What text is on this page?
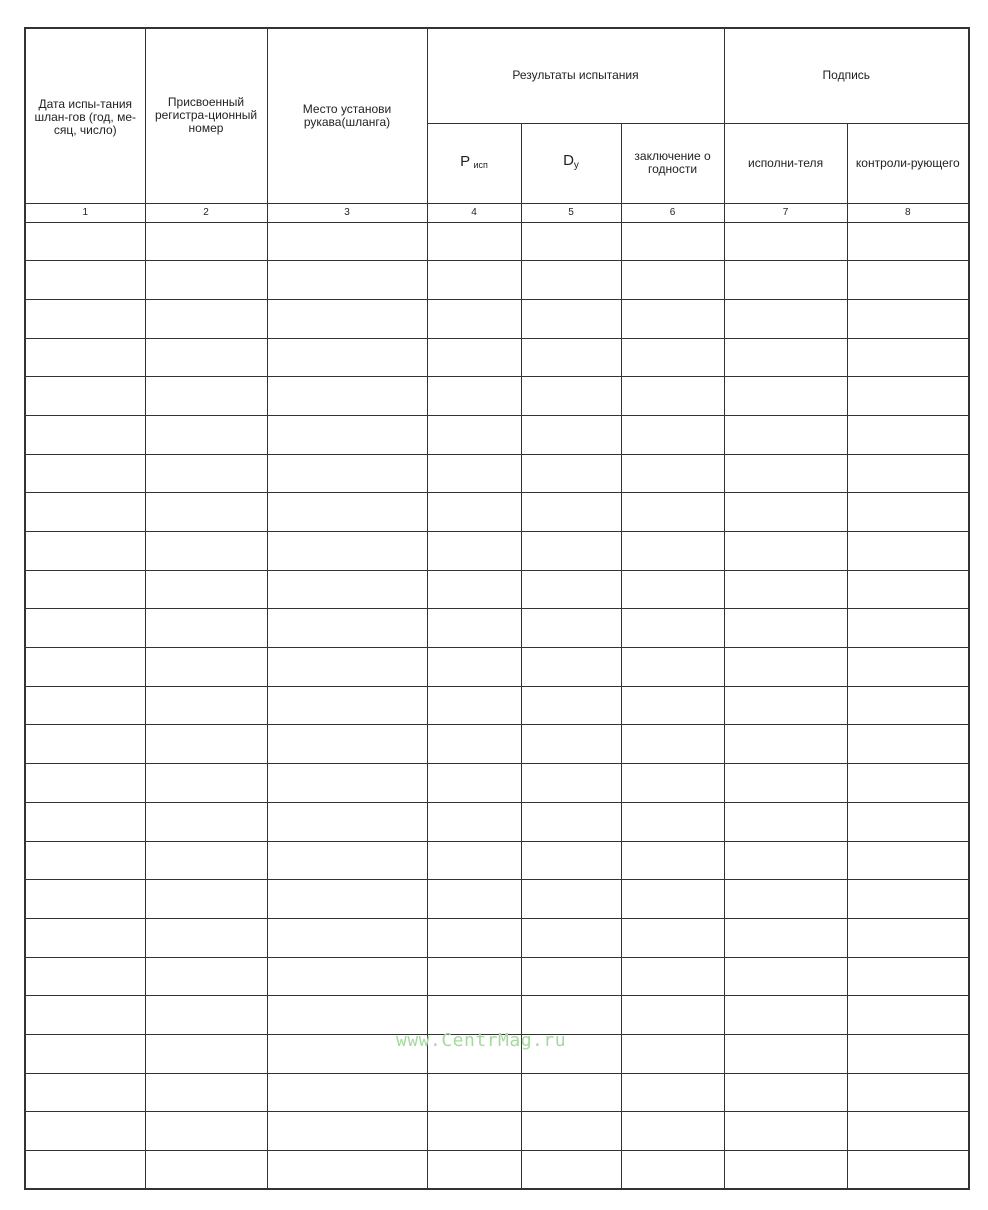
Дата испы-тания шлан-гов (год, ме-сяц, число)	Присвоенный регистра-ционный номер	Место установи рукава(шланга)	Результаты испытания			Подпись	
			P $_{исп}$	$D_у$	заключение о годности	исполни-теля	контроли-рующего
1	2	3	4	5	6	7	8

www.CentrMag.ru
